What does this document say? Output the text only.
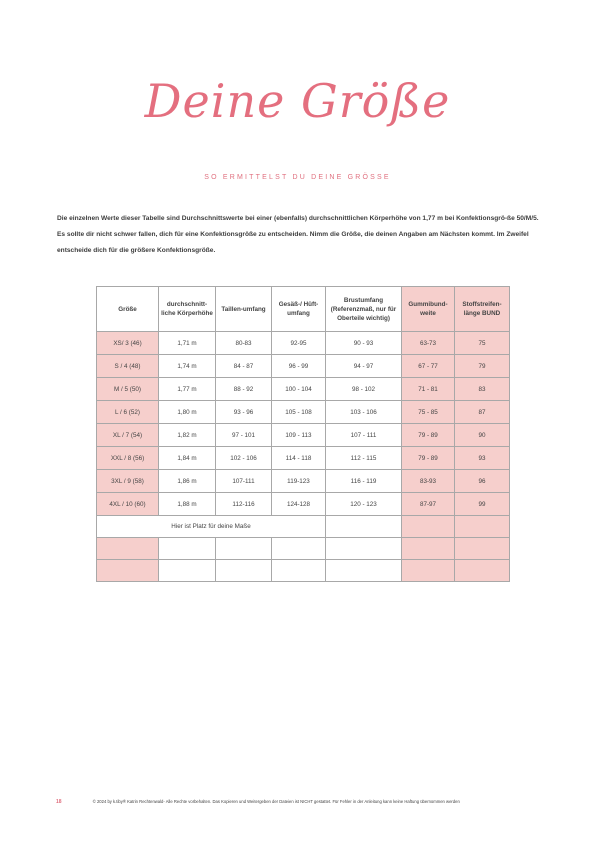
Deine Größe
SO ERMITTELST DU DEINE GRÖSSE
Die einzelnen Werte dieser Tabelle sind Durchschnittswerte bei einer (ebenfalls) durchschnittlichen Körperhöhe von 1,77 m bei Konfektionsgrö-ße 50/M/5. Es sollte dir nicht schwer fallen, dich für eine Konfektionsgröße zu entscheiden. Nimm die Größe, die deinen Angaben am Nächsten kommt. Im Zweifel entscheide dich für die größere Konfektionsgröße.
Größe	durchschnitt-liche Körperhöhe	Taillen-umfang	Gesäß-/ Hüft-umfang	Brustumfang (Referenzmaß, nur für Oberteile wichtig)	Gummibund-weite	Stoffstreifen-länge BUND
XS/ 3 (46)	1,71 m	80-83	92-95	90 - 93	63-73	75
S / 4 (48)	1,74 m	84 - 87	96 - 99	94 - 97	67 - 77	79
M / 5 (50)	1,77 m	88 - 92	100 - 104	98 - 102	71 - 81	83
L / 6 (52)	1,80 m	93 - 96	105 - 108	103 - 106	75 - 85	87
XL / 7 (54)	1,82 m	97 - 101	109 - 113	107 - 111	79 - 89	90
XXL / 8 (56)	1,84 m	102 - 106	114 - 118	112 - 115	79 - 89	93
3XL / 9 (58)	1,86 m	107-111	119-123	116 - 119	83-93	96
4XL / 10 (60)	1,88 m	112-116	124-128	120 - 123	87-97	99
Hier ist Platz für deine Maße						

18	© 2024 by k.tiby® Katrin Rechtenwald- Alle Rechte vorbehalten. Das Kopieren und Weitergeben der Dateien ist NICHT gestattet. Für Fehler in der Anleitung kann keine Haftung übernommen werden
